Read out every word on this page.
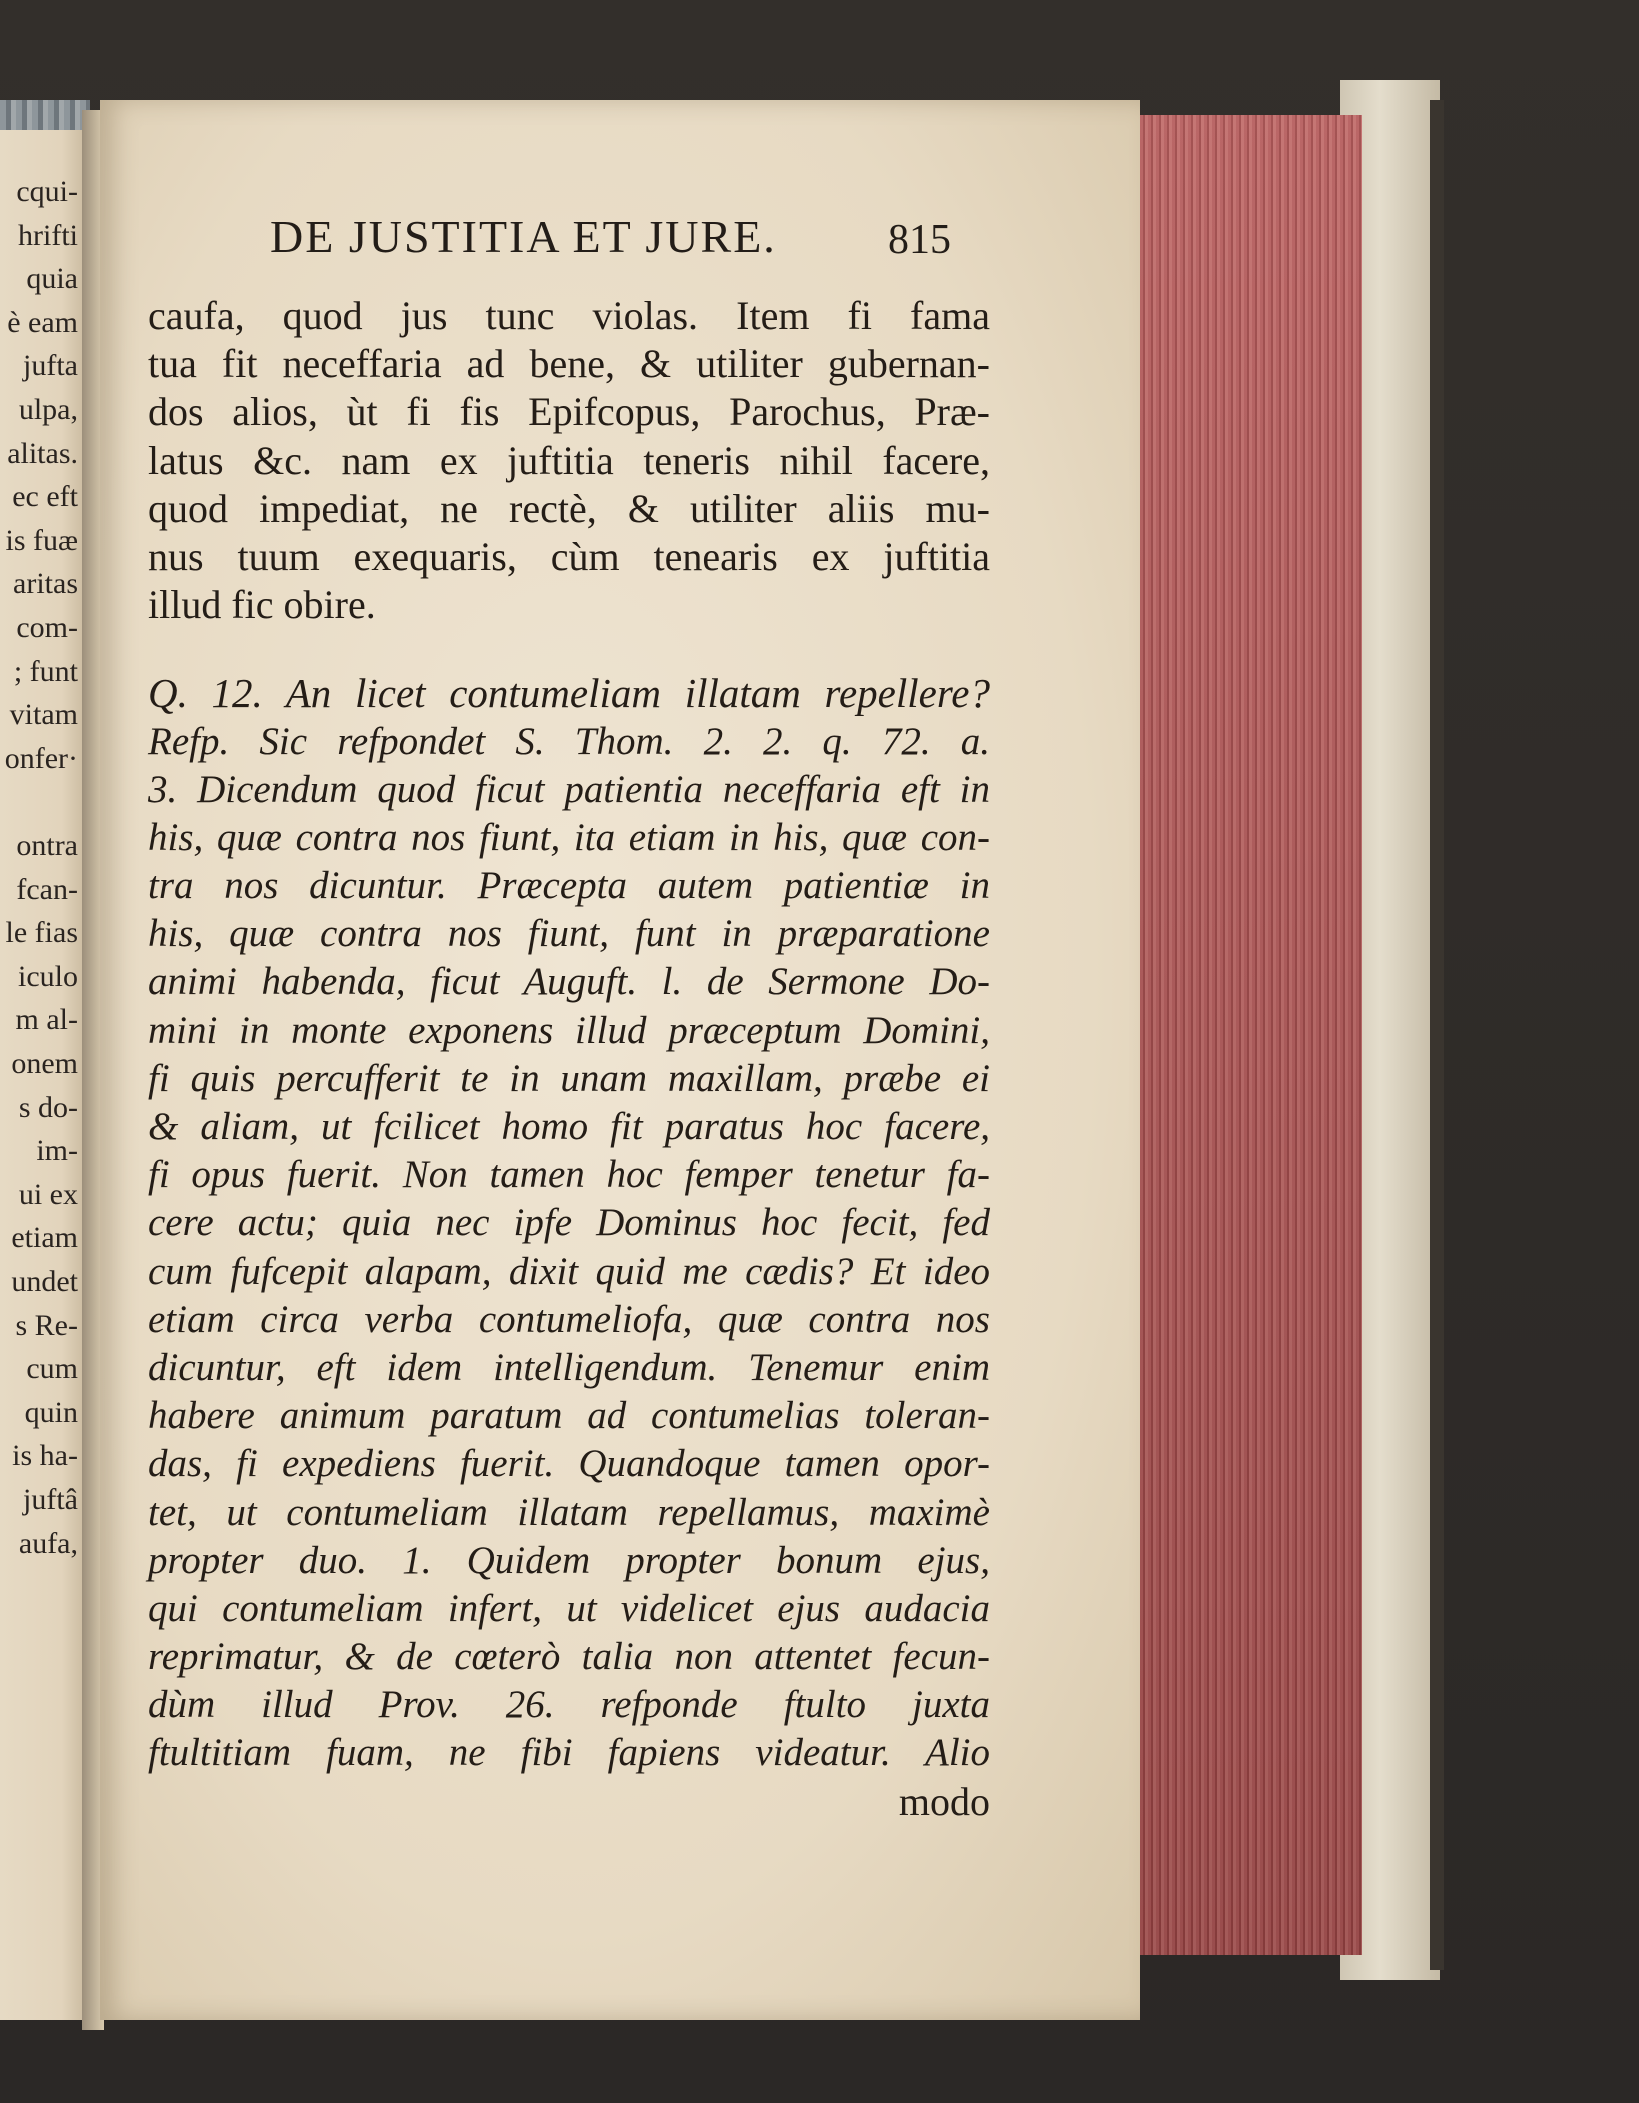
cqui-
hrifti
quia
è eam
jufta
ulpa,
alitas.
ec eft
is fuæ
aritas
com-
; funt
vitam
onfer·
ontra
fcan-
le fias
iculo
m al-
onem
s do-
im-
ui ex
etiam
undet
s Re-
cum
quin
is ha-
juftâ
aufa,
DE JUSTITIA ET JURE.	815
caufa, quod jus tunc violas. Item fi fama
tua fit neceffaria ad bene, & utiliter gubernan-
dos alios, ùt fi fis Epifcopus, Parochus, Præ-
latus &c. nam ex juftitia teneris nihil facere,
quod impediat, ne rectè, & utiliter aliis mu-
nus tuum exequaris, cùm tenearis ex juftitia
illud fic obire.
Q. 12. An licet contumeliam illatam repellere?
Refp. Sic refpondet S. Thom. 2. 2. q. 72. a.
3. Dicendum quod ficut patientia neceffaria eft in
his, quæ contra nos fiunt, ita etiam in his, quæ con-
tra nos dicuntur. Præcepta autem patientiæ in
his, quæ contra nos fiunt, funt in præparatione
animi habenda, ficut Auguft. l. de Sermone Do-
mini in monte exponens illud præceptum Domini,
fi quis percufferit te in unam maxillam, præbe ei
& aliam, ut fcilicet homo fit paratus hoc facere,
fi opus fuerit. Non tamen hoc femper tenetur fa-
cere actu; quia nec ipfe Dominus hoc fecit, fed
cum fufcepit alapam, dixit quid me cædis? Et ideo
etiam circa verba contumeliofa, quæ contra nos
dicuntur, eft idem intelligendum. Tenemur enim
habere animum paratum ad contumelias toleran-
das, fi expediens fuerit. Quandoque tamen opor-
tet, ut contumeliam illatam repellamus, maximè
propter duo. 1. Quidem propter bonum ejus,
qui contumeliam infert, ut videlicet ejus audacia
reprimatur, & de cœterò talia non attentet fecun-
dùm illud Prov. 26. refponde ftulto juxta
ftultitiam fuam, ne fibi fapiens videatur. Alio
modo
